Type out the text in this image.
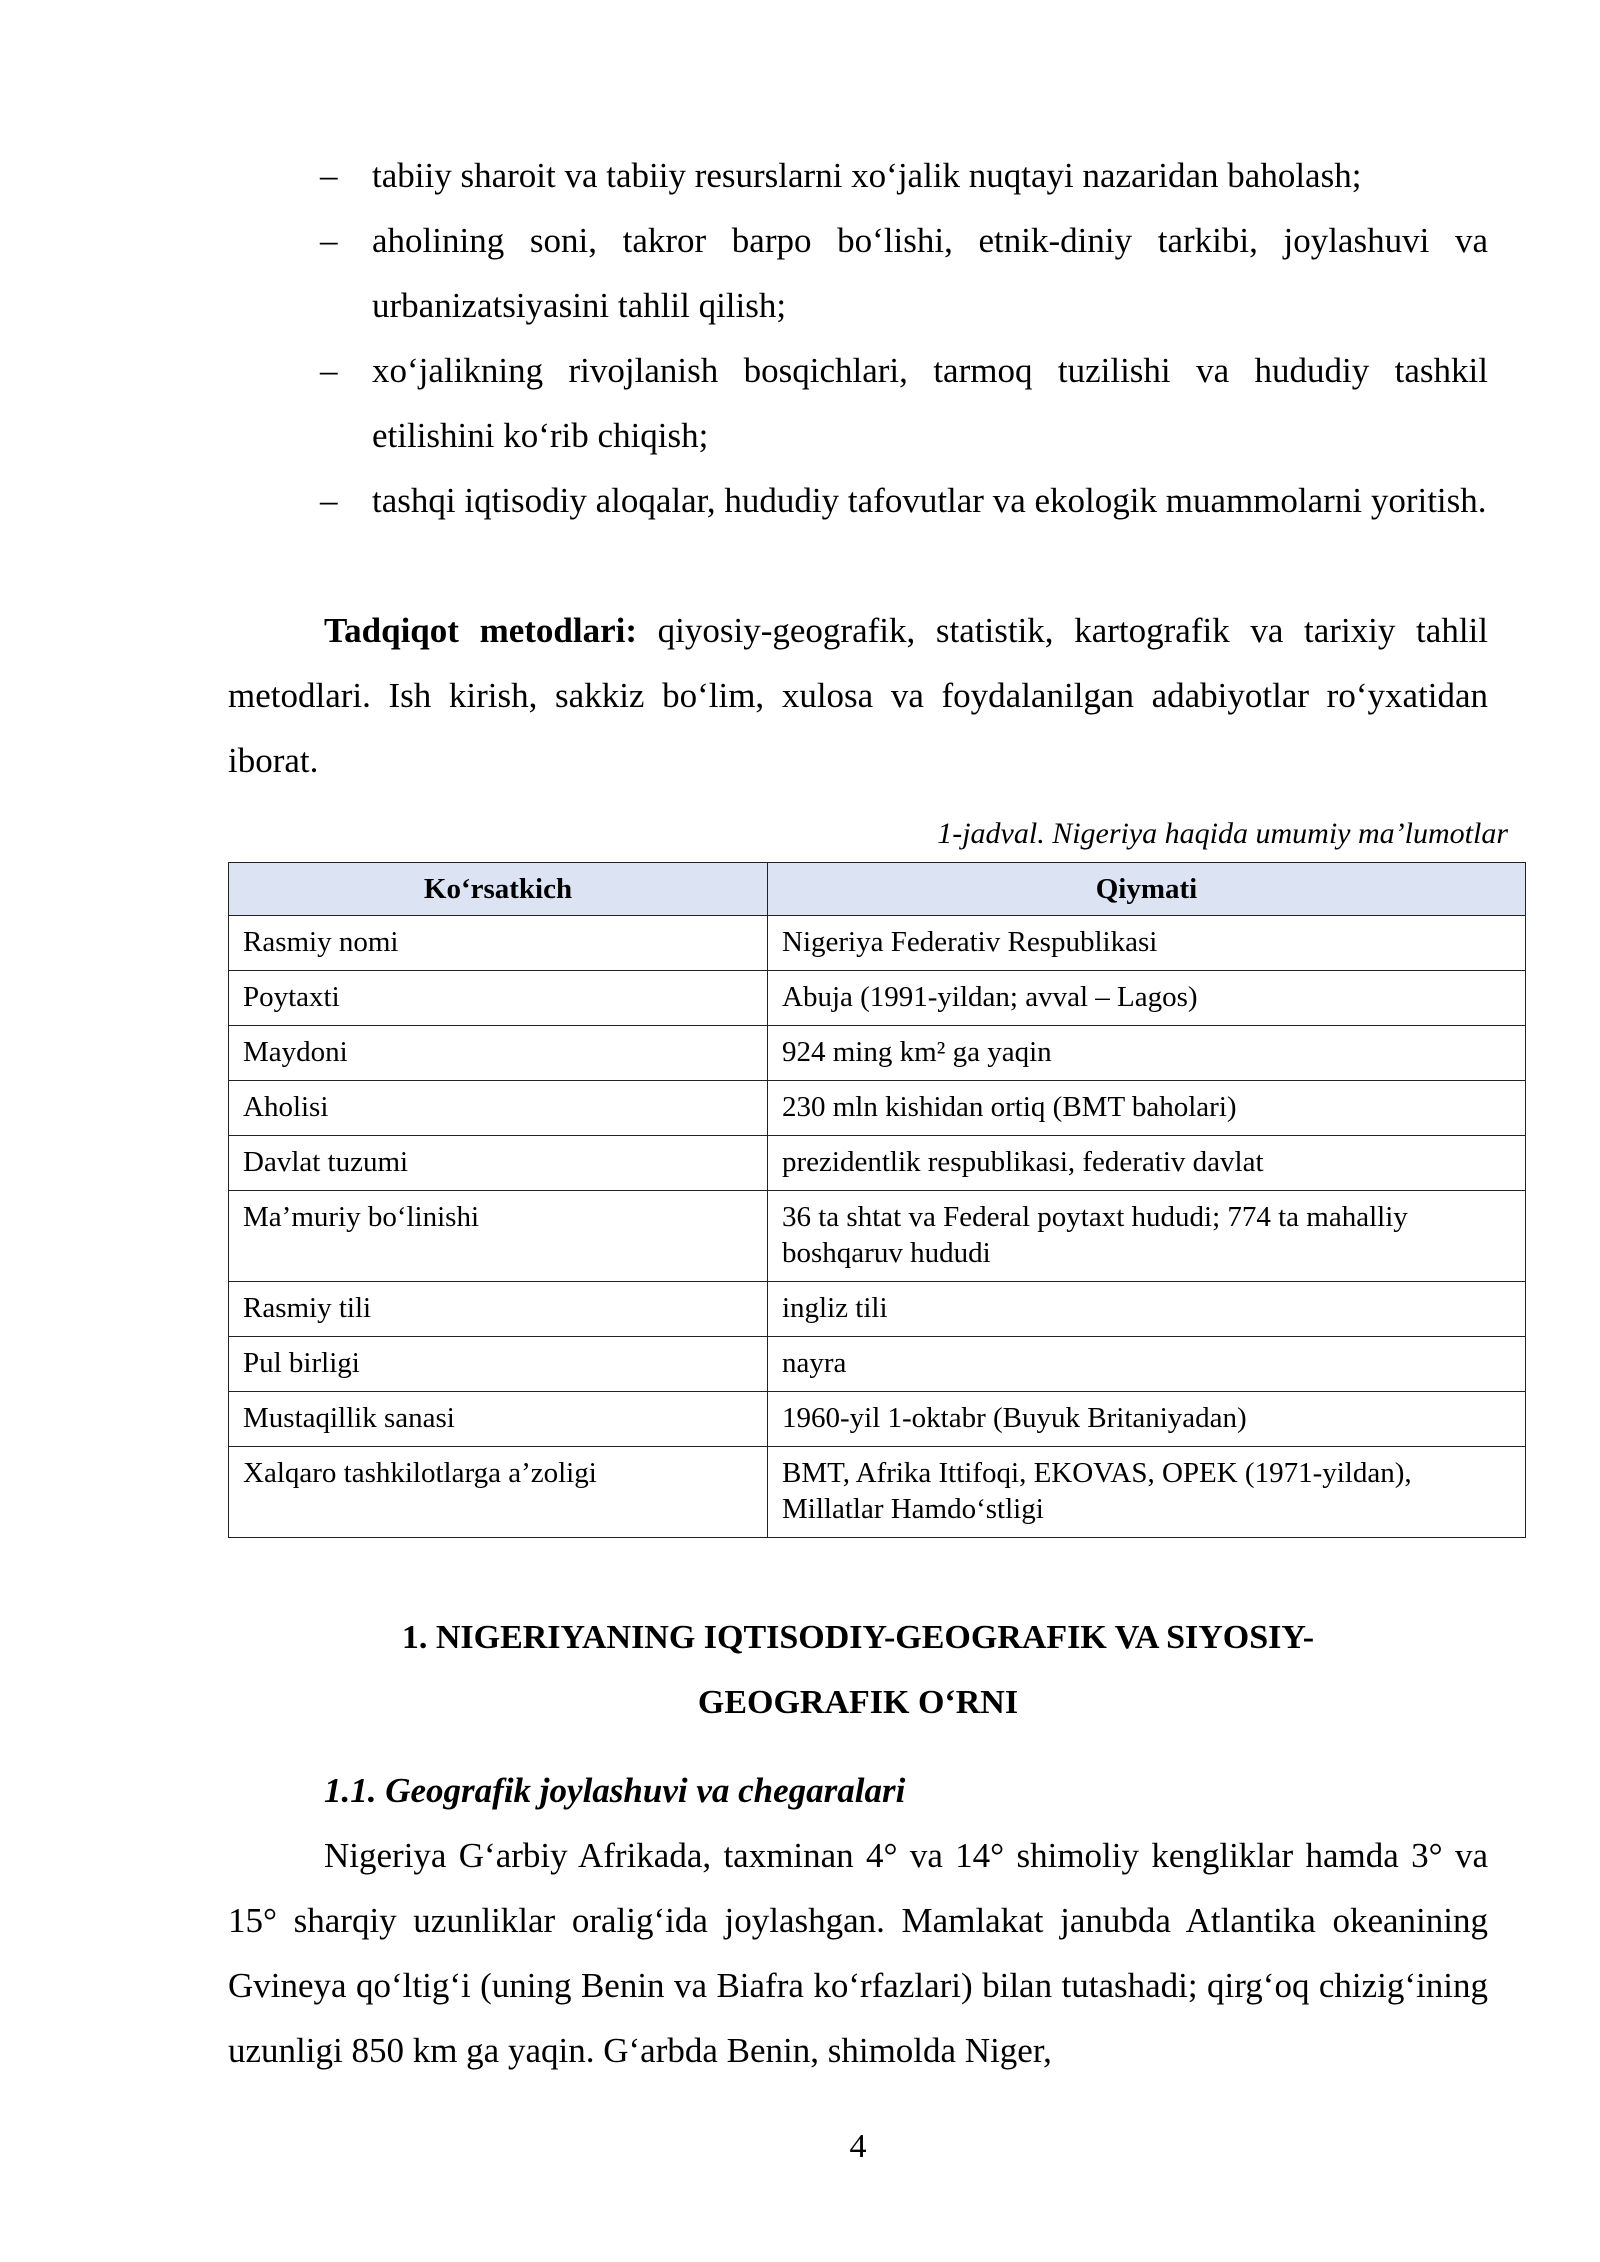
– tabiiy sharoit va tabiiy resurslarni xo‘jalik nuqtayi nazaridan baholash;
– aholining soni, takror barpo bo‘lishi, etnik-diniy tarkibi, joylashuvi va urbanizatsiyasini tahlil qilish;
– xo‘jalikning rivojlanish bosqichlari, tarmoq tuzilishi va hududiy tashkil etilishini ko‘rib chiqish;
– tashqi iqtisodiy aloqalar, hududiy tafovutlar va ekologik muammolarni yoritish.

Tadqiqot metodlari: qiyosiy-geografik, statistik, kartografik va tarixiy tahlil metodlari. Ish kirish, sakkiz bo‘lim, xulosa va foydalanilgan adabiyotlar ro‘yxatidan iborat.

1-jadval. Nigeriya haqida umumiy ma’lumotlar
Ko‘rsatkich	Qiymati
Rasmiy nomi	Nigeriya Federativ Respublikasi
Poytaxti	Abuja (1991-yildan; avval – Lagos)
Maydoni	924 ming km² ga yaqin
Aholisi	230 mln kishidan ortiq (BMT baholari)
Davlat tuzumi	prezidentlik respublikasi, federativ davlat
Ma’muriy bo‘linishi	36 ta shtat va Federal poytaxt hududi; 774 ta mahalliy boshqaruv hududi
Rasmiy tili	ingliz tili
Pul birligi	nayra
Mustaqillik sanasi	1960-yil 1-oktabr (Buyuk Britaniyadan)
Xalqaro tashkilotlarga a’zoligi	BMT, Afrika Ittifoqi, EKOVAS, OPEK (1971-yildan), Millatlar Hamdo‘stligi
1. NIGERIYANING IQTISODIY-GEOGRAFIK VA SIYOSIY-
GEOGRAFIK O‘RNI
1.1. Geografik joylashuvi va chegaralari

Nigeriya G‘arbiy Afrikada, taxminan 4° va 14° shimoliy kengliklar hamda 3° va 15° sharqiy uzunliklar oralig‘ida joylashgan. Mamlakat janubda Atlantika okeanining Gvineya qo‘ltig‘i (uning Benin va Biafra ko‘rfazlari) bilan tutashadi; qirg‘oq chizig‘ining uzunligi 850 km ga yaqin. G‘arbda Benin, shimolda Niger,

4
